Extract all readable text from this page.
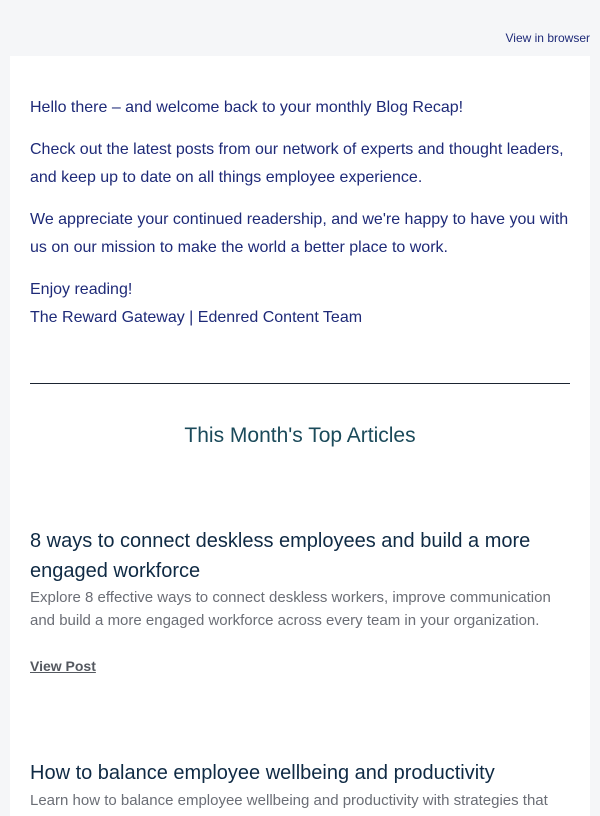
View in browser

Hello there – and welcome back to your monthly Blog Recap!

Check out the latest posts from our network of experts and thought leaders, and keep up to date on all things employee experience.

We appreciate your continued readership, and we're happy to have you with us on our mission to make the world a better place to work.

Enjoy reading!

The Reward Gateway | Edenred Content Team

This Month's Top Articles
8 ways to connect deskless employees and build a more engaged workforce

Explore 8 effective ways to connect deskless workers, improve communication and build a more engaged workforce across every team in your organization.

View Post
How to balance employee wellbeing and productivity

Learn how to balance employee wellbeing and productivity with strategies that
